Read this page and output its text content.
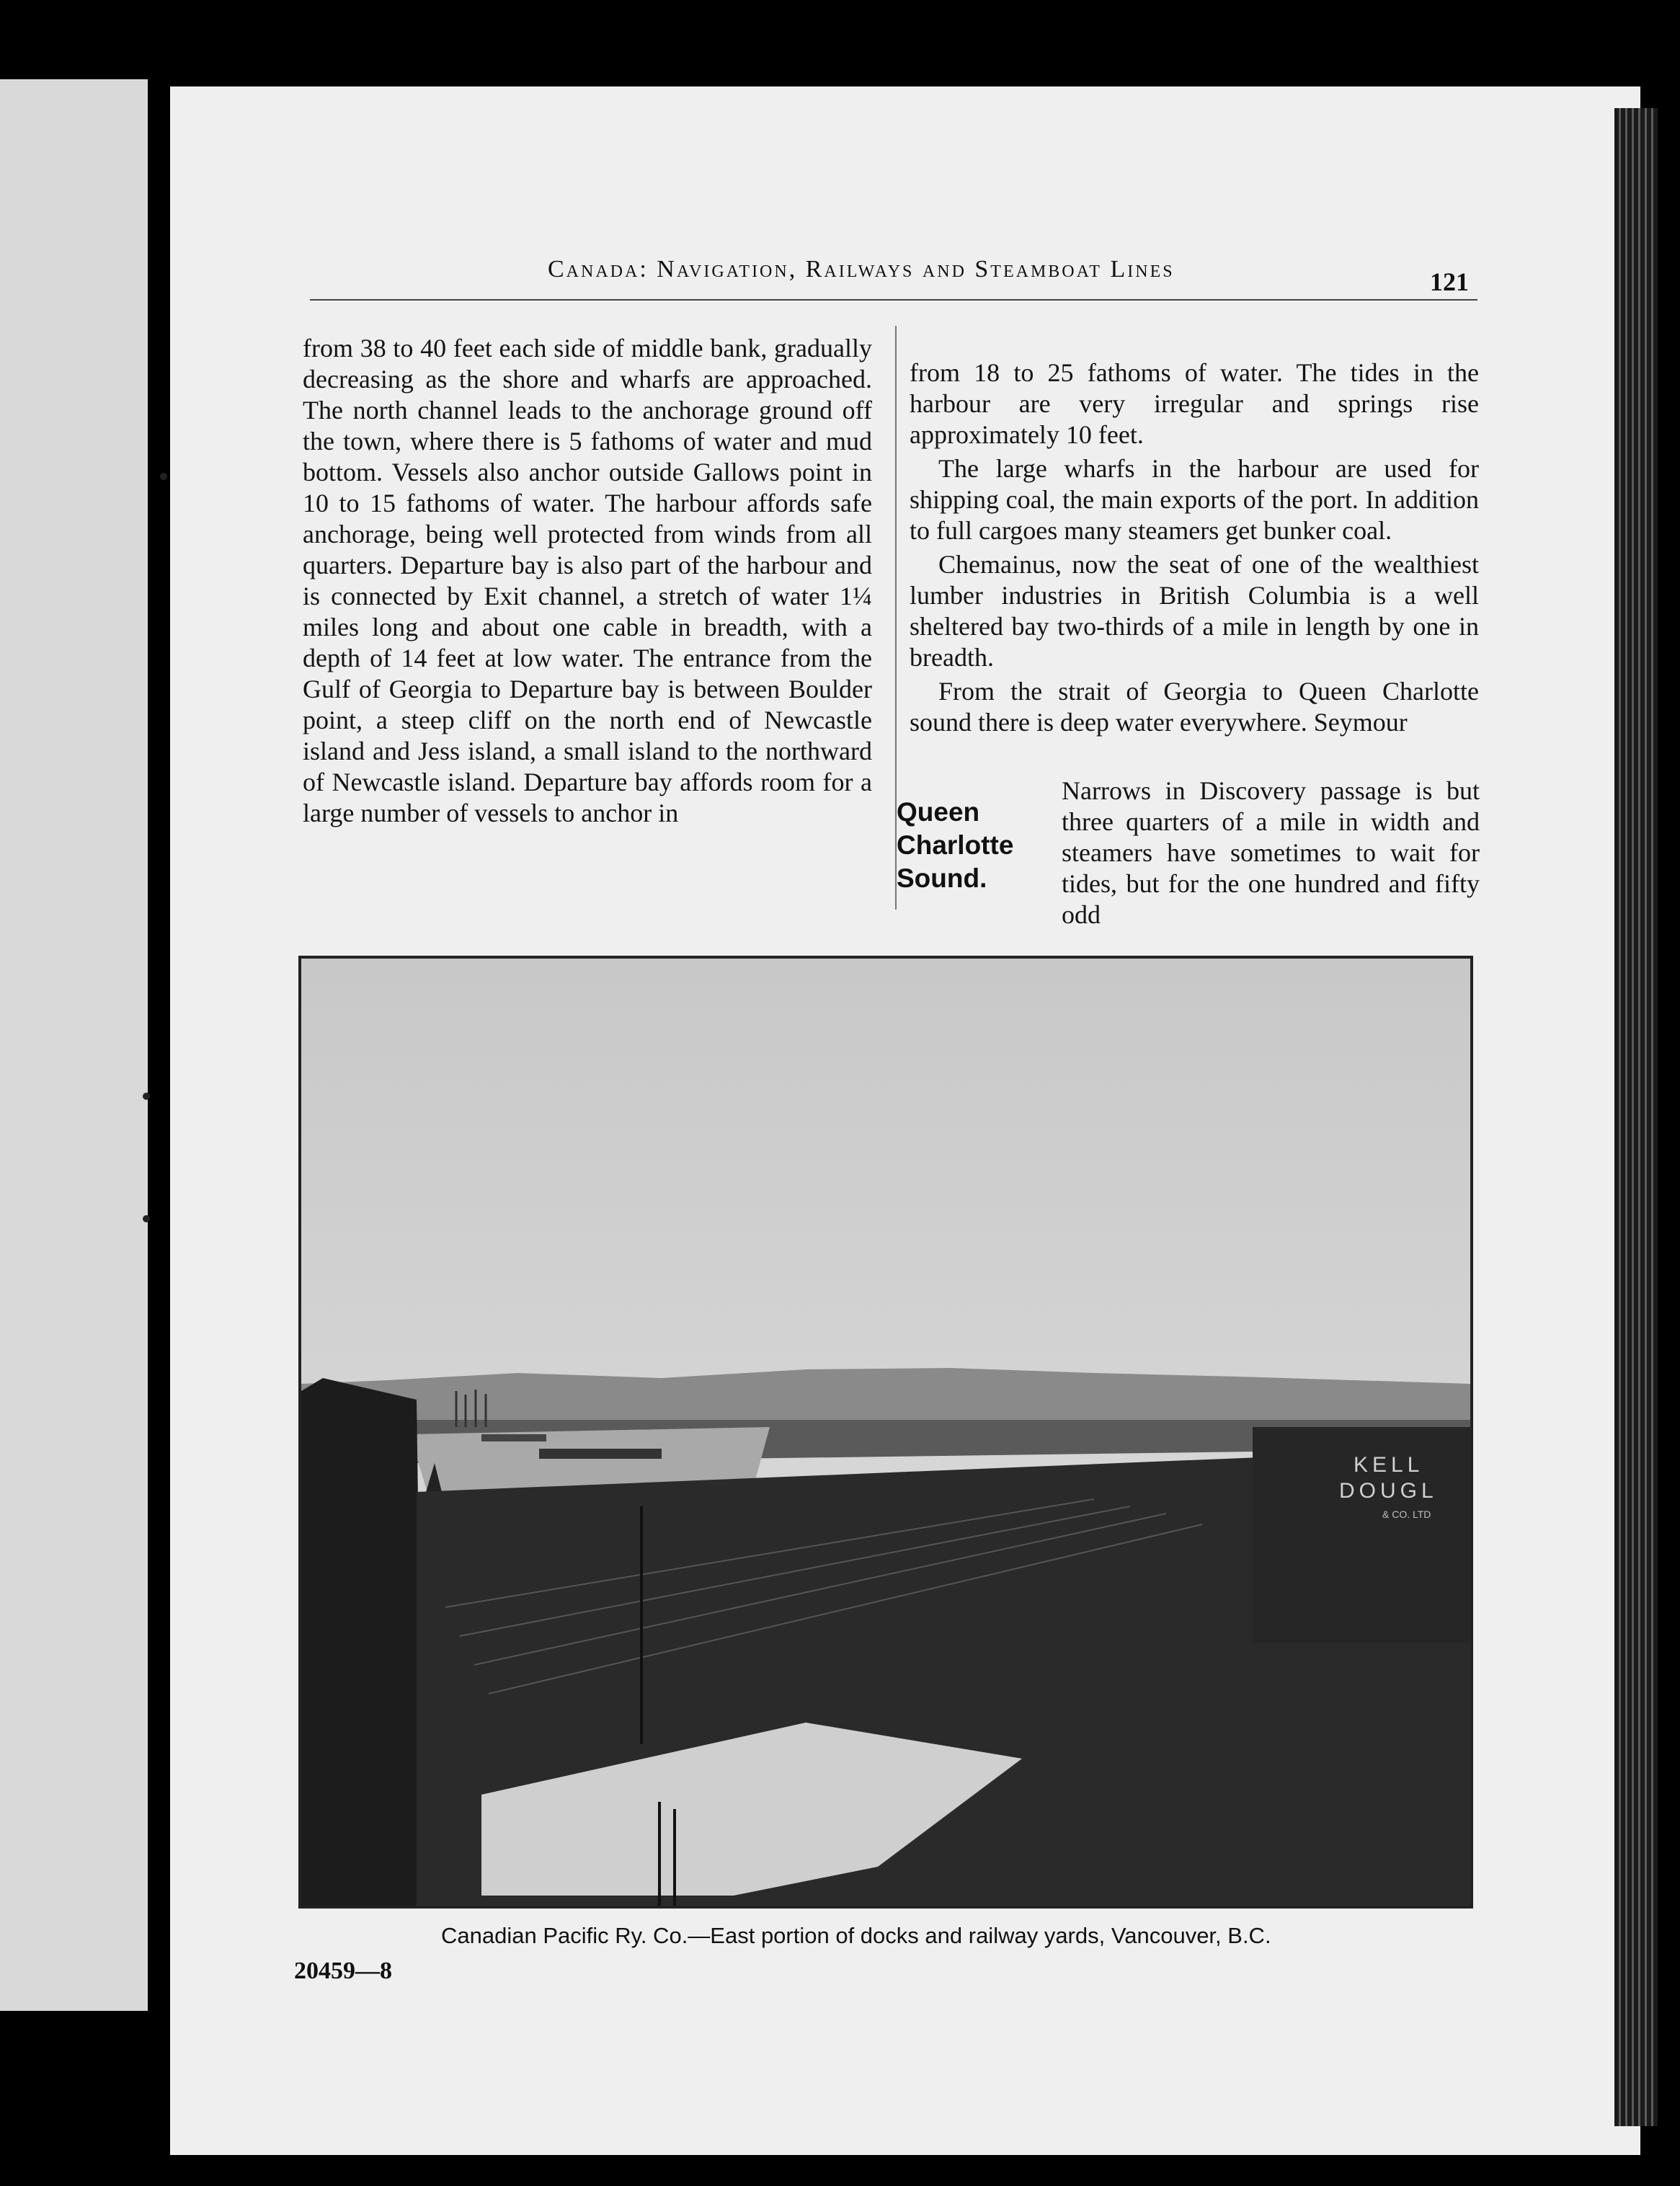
Canada: Navigation, Railways and Steamboat Lines	121

from 38 to 40 feet each side of middle bank, gradually decreasing as the shore and wharfs are approached. The north channel leads to the anchorage ground off the town, where there is 5 fathoms of water and mud bottom. Vessels also anchor outside Gallows point in 10 to 15 fathoms of water. The harbour affords safe anchorage, being well protected from winds from all quarters. Departure bay is also part of the harbour and is connected by Exit channel, a stretch of water 1¼ miles long and about one cable in breadth, with a depth of 14 feet at low water. The entrance from the Gulf of Georgia to Departure bay is between Boulder point, a steep cliff on the north end of Newcastle island and Jess island, a small island to the northward of Newcastle island. Departure bay affords room for a large number of vessels to anchor in

from 18 to 25 fathoms of water. The tides in the harbour are very irregular and springs rise approximately 10 feet.

The large wharfs in the harbour are used for shipping coal, the main exports of the port. In addition to full cargoes many steamers get bunker coal.

Chemainus, now the seat of one of the wealthiest lumber industries in British Columbia is a well sheltered bay two-thirds of a mile in length by one in breadth.

From the strait of Georgia to Queen Charlotte sound there is deep water everywhere. Seymour

Queen
Charlotte
Sound.

Narrows in Discovery passage is but three quarters of a mile in width and steamers have sometimes to wait for tides, but for the one hundred and fifty odd

KELL
DOUGL
& CO. LTD
Canadian Pacific Ry. Co.—East portion of docks and railway yards, Vancouver, B.C.
20459—8
